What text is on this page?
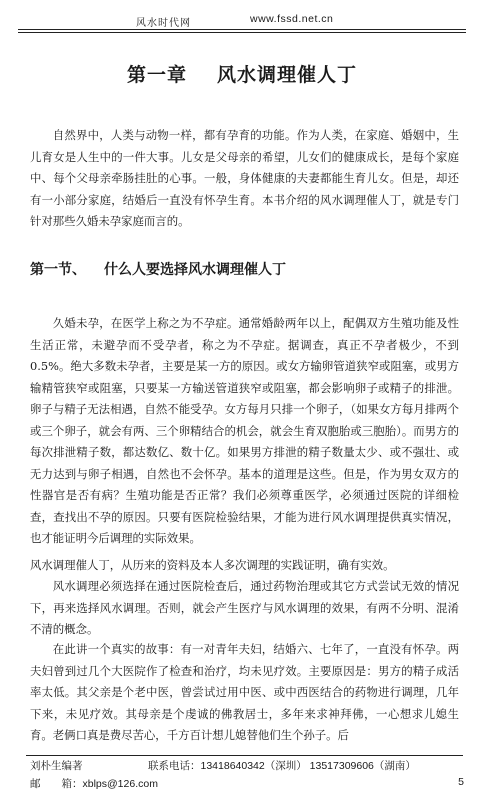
风水时代网	www.fssd.net.cn
第一章 风水调理催人丁

自然界中，人类与动物一样，都有孕育的功能。作为人类，在家庭、婚姻中，生儿育女是人生中的一件大事。儿女是父母亲的希望，儿女们的健康成长，是每个家庭中、每个父母亲牵肠挂肚的心事。一般，身体健康的夫妻都能生育儿女。但是，却还有一小部分家庭，结婚后一直没有怀孕生育。本书介绍的风水调理催人丁，就是专门针对那些久婚未孕家庭而言的。

第一节、 什么人要选择风水调理催人丁

久婚未孕，在医学上称之为不孕症。通常婚龄两年以上，配偶双方生殖功能及性生活正常，未避孕而不受孕者，称之为不孕症。据调查，真正不孕者极少，不到0.5%。绝大多数未孕者，主要是某一方的原因。或女方输卵管道狭窄或阻塞，或男方输精管狭窄或阻塞，只要某一方输送管道狭窄或阻塞，都会影响卵子或精子的排泄。卵子与精子无法相遇，自然不能受孕。女方每月只排一个卵子，（如果女方每月排两个或三个卵子，就会有两、三个卵精结合的机会，就会生育双胞胎或三胞胎）。而男方的每次排泄精子数，都达数亿、数十亿。如果男方排泄的精子数量太少、或不强壮、或无力达到与卵子相遇，自然也不会怀孕。基本的道理是这些。但是，作为男女双方的性器官是否有病？生殖功能是否正常？我们必须尊重医学，必须通过医院的详细检查，查找出不孕的原因。只要有医院检验结果，才能为进行风水调理提供真实情况，也才能证明今后调理的实际效果。

风水调理催人丁，从历来的资料及本人多次调理的实践证明，确有实效。

风水调理必须选择在通过医院检查后，通过药物治理或其它方式尝试无效的情况下，再来选择风水调理。否则，就会产生医疗与风水调理的效果，有两不分明、混淆不清的概念。

在此讲一个真实的故事：有一对青年夫妇，结婚六、七年了，一直没有怀孕。两夫妇曾到过几个大医院作了检查和治疗，均未见疗效。主要原因是：男方的精子成活率太低。其父亲是个老中医，曾尝试过用中医、或中西医结合的药物进行调理，几年下来，未见疗效。其母亲是个虔诚的佛教居士，多年来求神拜佛，一心想求儿媳生育。老俩口真是费尽苦心，千方百计想儿媳替他们生个孙子。后

刘朴生编著	联系电话：13418640342（深圳） 13517309606（湖南）
邮　　箱：xblps@126.com	5
